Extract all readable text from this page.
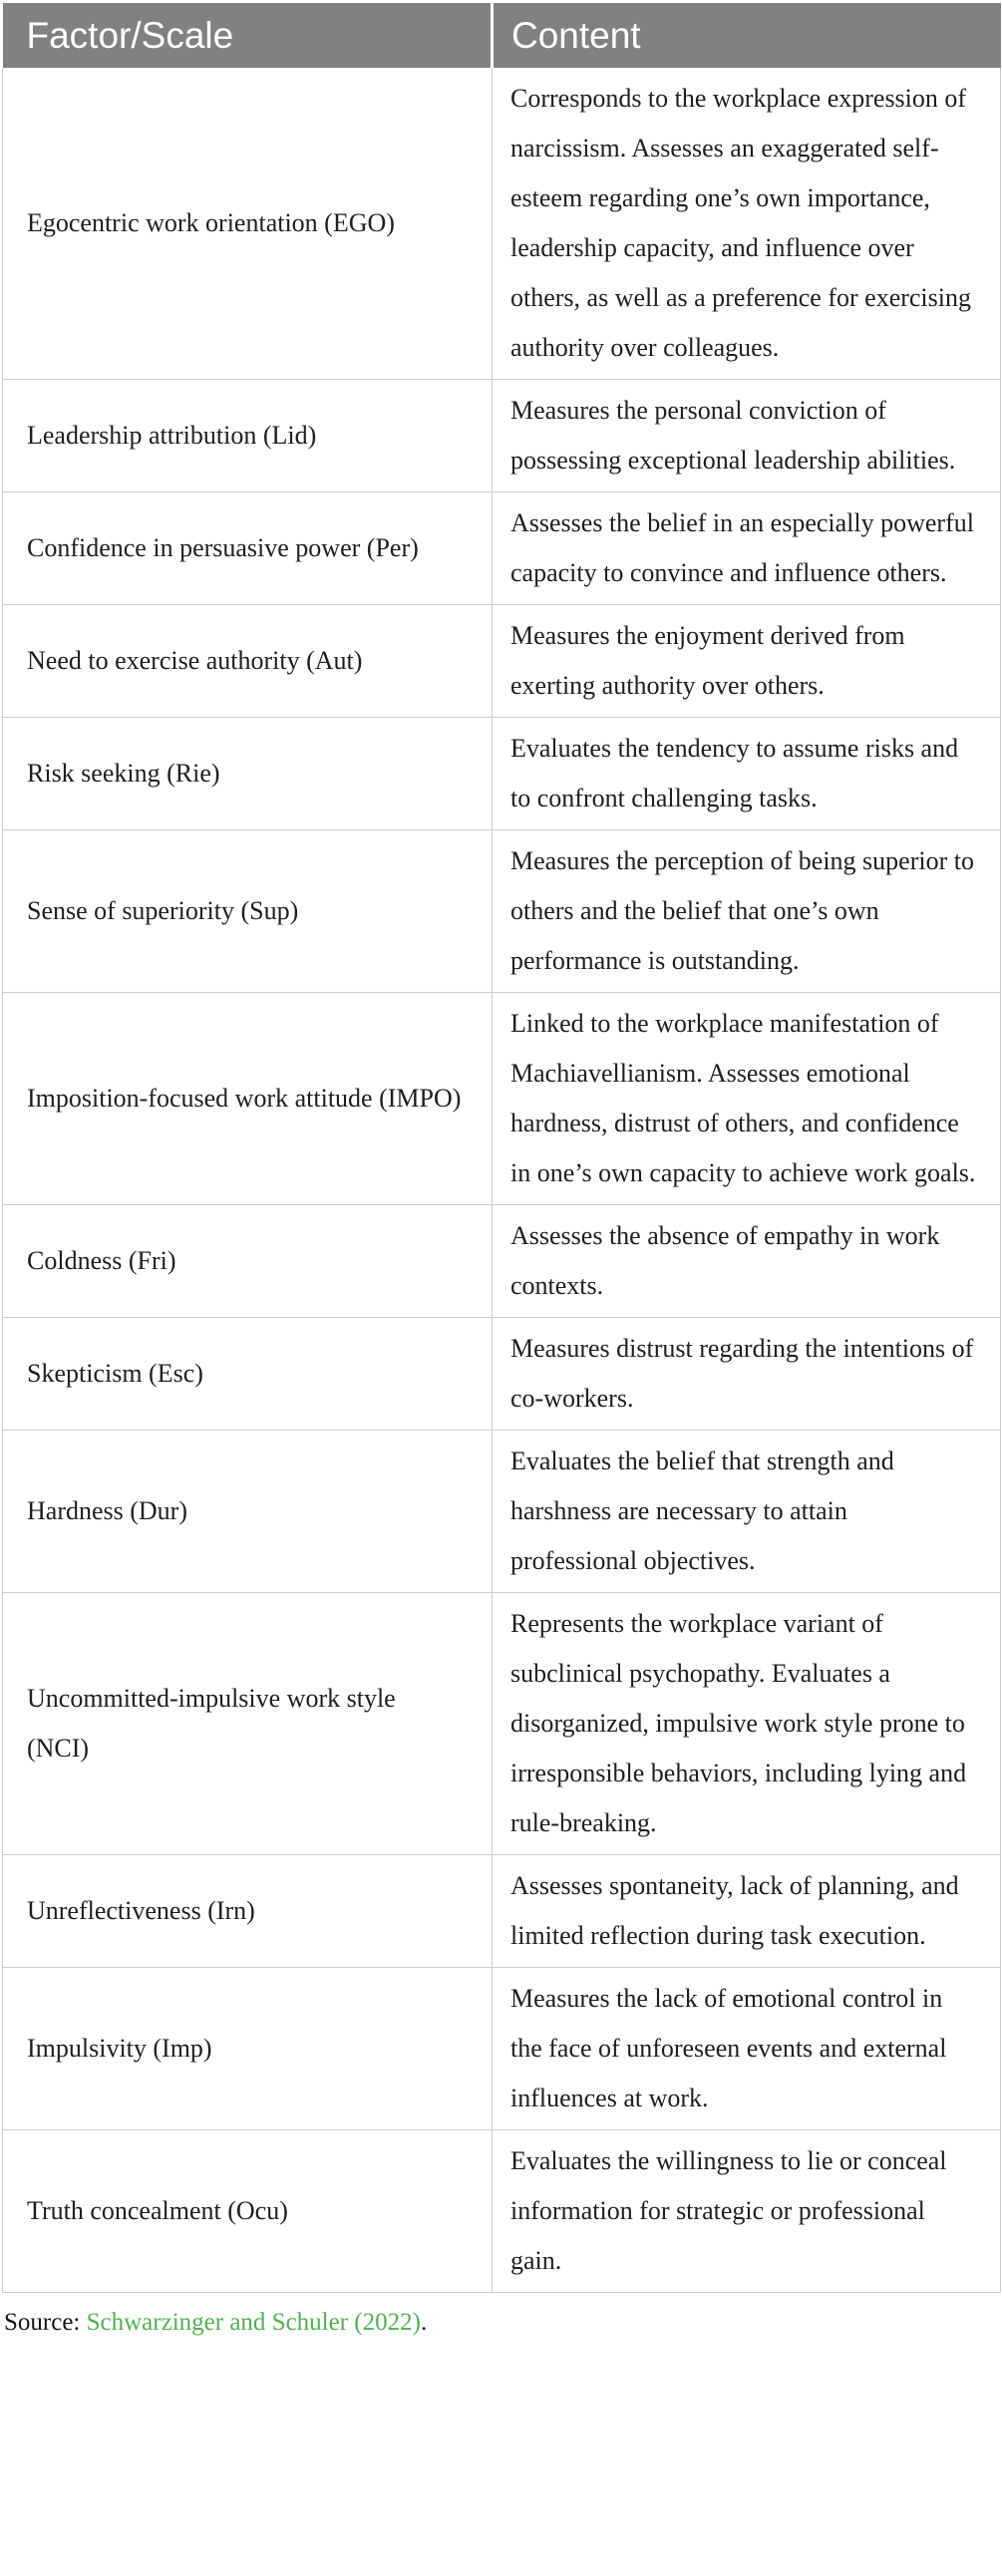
Factor/Scale	Content
Egocentric work orientation (EGO)	Corresponds to the workplace expression of narcissism. Assesses an exaggerated self-esteem regarding one’s own importance, leadership capacity, and influence over others, as well as a preference for exercising authority over colleagues.
Leadership attribution (Lid)	Measures the personal conviction of possessing exceptional leadership abilities.
Confidence in persuasive power (Per)	Assesses the belief in an especially powerful capacity to convince and influence others.
Need to exercise authority (Aut)	Measures the enjoyment derived from exerting authority over others.
Risk seeking (Rie)	Evaluates the tendency to assume risks and to confront challenging tasks.
Sense of superiority (Sup)	Measures the perception of being superior to others and the belief that one’s own performance is outstanding.
Imposition-focused work attitude (IMPO)	Linked to the workplace manifestation of Machiavellianism. Assesses emotional hardness, distrust of others, and confidence in one’s own capacity to achieve work goals.
Coldness (Fri)	Assesses the absence of empathy in work contexts.
Skepticism (Esc)	Measures distrust regarding the intentions of co-workers.
Hardness (Dur)	Evaluates the belief that strength and harshness are necessary to attain professional objectives.
Uncommitted-impulsive work style (NCI)	Represents the workplace variant of subclinical psychopathy. Evaluates a disorganized, impulsive work style prone to irresponsible behaviors, including lying and rule-breaking.
Unreflectiveness (Irn)	Assesses spontaneity, lack of planning, and limited reflection during task execution.
Impulsivity (Imp)	Measures the lack of emotional control in the face of unforeseen events and external influences at work.
Truth concealment (Ocu)	Evaluates the willingness to lie or conceal information for strategic or professional gain.
Source: Schwarzinger and Schuler (2022).
